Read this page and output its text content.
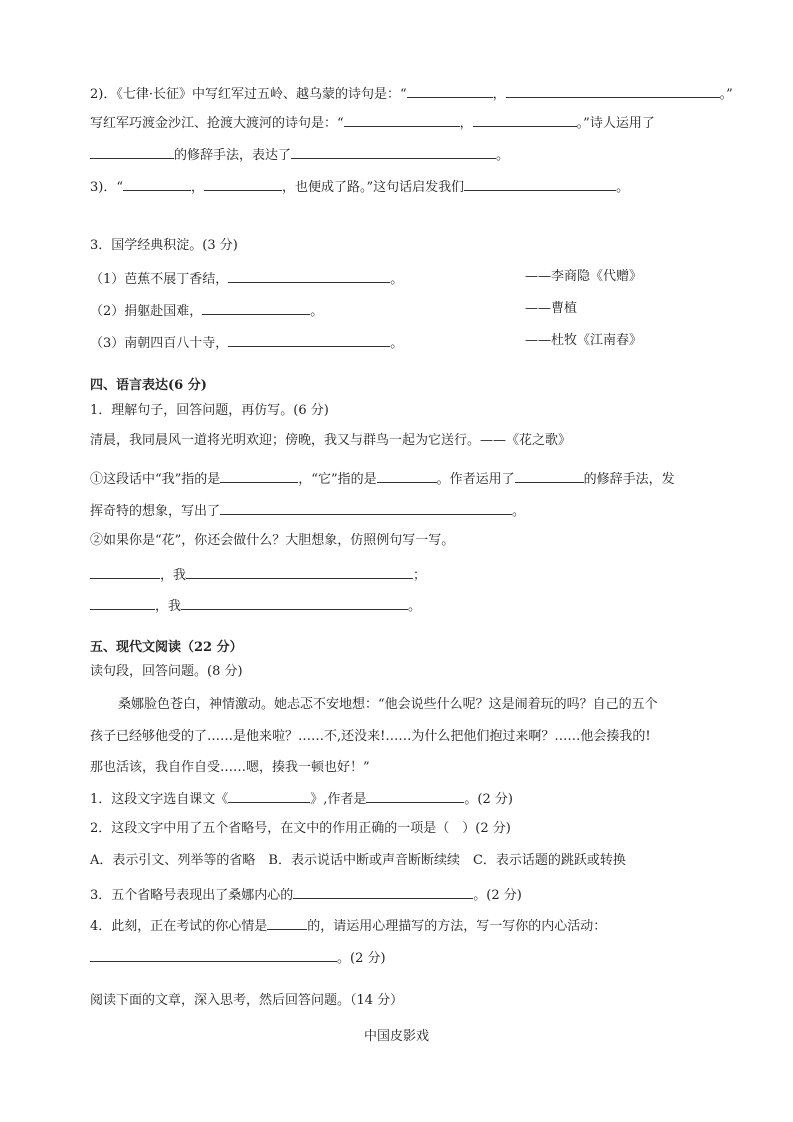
2)．《七律·长征》中写红军过五岭、越乌蒙的诗句是：“	，	。”
写红军巧渡金沙江、抢渡大渡河的诗句是：“	，	。”诗人运用了
的修辞手法，表达了	。
3)．“	，	，也便成了路。”这句话启发我们	。
3．国学经典积淀。(3 分)
（1）芭蕉不展丁香结，	。	——李商隐《代赠》
（2）捐躯赴国难，	。	——曹植
（3）南朝四百八十寺，	。	——杜牧《江南春》
四、语言表达(6 分)
1．理解句子，回答问题，再仿写。(6 分)
清晨，我同晨风一道将光明欢迎；傍晚，我又与群鸟一起为它送行。——《花之歌》
①这段话中“我”指的是	，“它”指的是	。作者运用了	的修辞手法，发
挥奇特的想象，写出了	。
②如果你是“花”，你还会做什么？大胆想象，仿照例句写一写。
，我	；
，我	。
五、现代文阅读（22 分）
读句段，回答问题。(8 分)
桑娜脸色苍白，神情激动。她忐忑不安地想：“他会说些什么呢？这是闹着玩的吗？自己的五个
孩子已经够他受的了……是他来啦？……不,还没来!……为什么把他们抱过来啊？……他会揍我的!
那也活该，我自作自受……嗯，揍我一顿也好！”
1．这段文字选自课文《	》,作者是	。(2 分)
2．这段文字中用了五个省略号，在文中的作用正确的一项是（　）(2 分)
A．表示引文、列举等的省略　B．表示说话中断或声音断断续续　C．表示话题的跳跃或转换
3．五个省略号表现出了桑娜内心的	。(2 分)
4．此刻，正在考试的你心情是	的，请运用心理描写的方法，写一写你的内心活动：
。(2 分)
阅读下面的文章，深入思考，然后回答问题。（14 分）
中国皮影戏
